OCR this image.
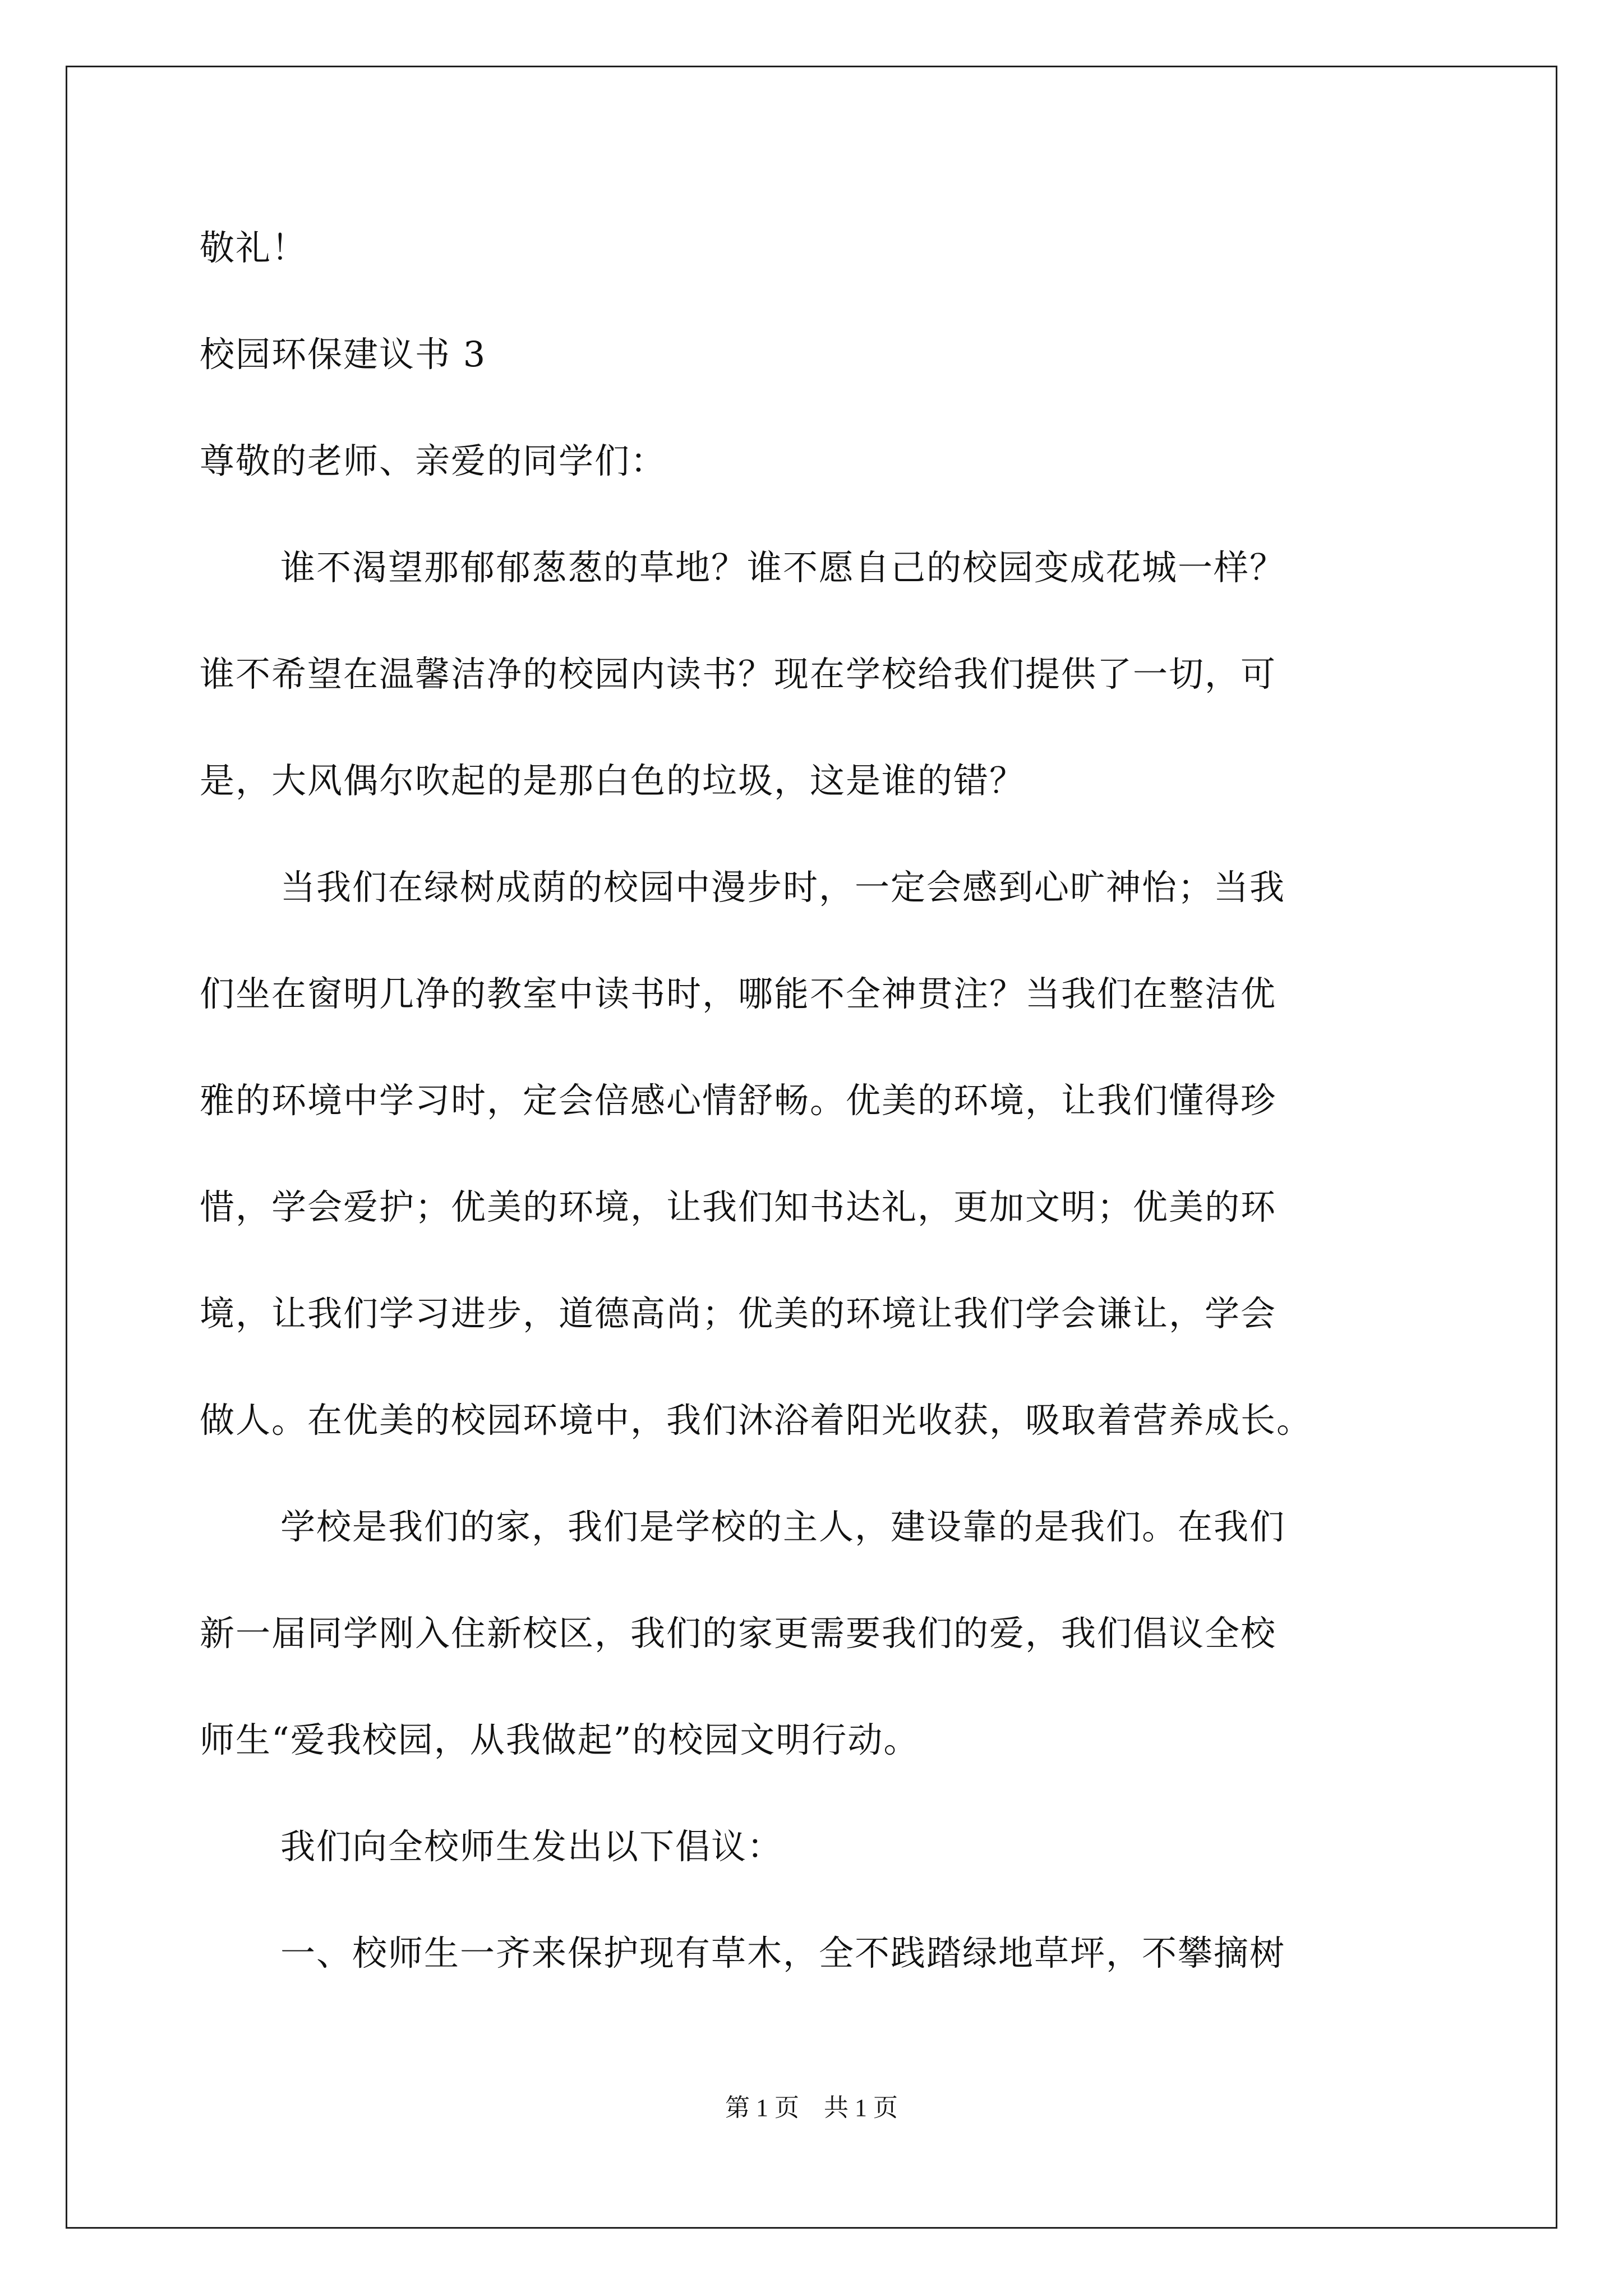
敬礼！
校园环保建议书 3
尊敬的老师、亲爱的同学们：
谁不渴望那郁郁葱葱的草地？谁不愿自己的校园变成花城一样？
谁不希望在温馨洁净的校园内读书？现在学校给我们提供了一切，可
是，大风偶尔吹起的是那白色的垃圾，这是谁的错？
当我们在绿树成荫的校园中漫步时，一定会感到心旷神怡；当我
们坐在窗明几净的教室中读书时，哪能不全神贯注？当我们在整洁优
雅的环境中学习时，定会倍感心情舒畅。优美的环境，让我们懂得珍
惜，学会爱护；优美的环境，让我们知书达礼，更加文明；优美的环
境，让我们学习进步，道德高尚；优美的环境让我们学会谦让，学会
做人。在优美的校园环境中，我们沐浴着阳光收获，吸取着营养成长。
学校是我们的家，我们是学校的主人，建设靠的是我们。在我们
新一届同学刚入住新校区，我们的家更需要我们的爱，我们倡议全校
师生“爱我校园，从我做起”的校园文明行动。
我们向全校师生发出以下倡议：
一、校师生一齐来保护现有草木，全不践踏绿地草坪，不攀摘树
第 1 页    共 1 页
